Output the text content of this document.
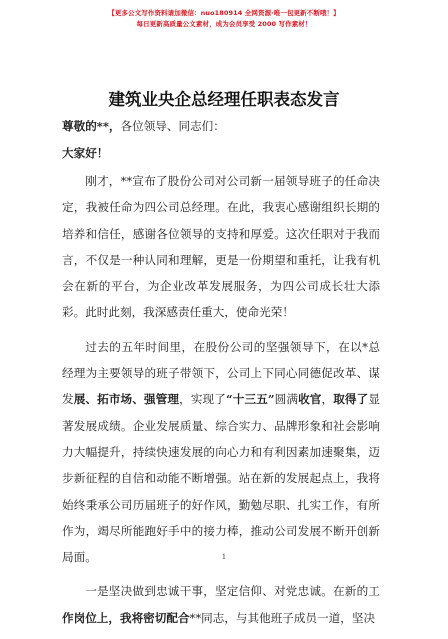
【更多公文写作资料请加微信：nuo180914 全网资源·唯一包更新不断哦！】
每日更新高质量公文素材，成为会员享受 2000 写作素材！
建筑业央企总经理任职表态发言
尊敬的**，各位领导、同志们：
大家好！

刚才，**宣布了股份公司对公司新一届领导班子的任命决定，我被任命为四公司总经理。在此，我衷心感谢组织长期的培养和信任，感谢各位领导的支持和厚爱。这次任职对于我而言，不仅是一种认同和理解，更是一份期望和重托，让我有机会在新的平台，为企业改革发展服务，为四公司成长壮大添彩。此时此刻，我深感责任重大，使命光荣！

过去的五年时间里，在股份公司的坚强领导下，在以*总经理为主要领导的班子带领下，公司上下同心同德促改革、谋发展、拓市场、强管理，实现了“十三五”圆满收官，取得了显著发展成绩。企业发展质量、综合实力、品牌形象和社会影响力大幅提升，持续快速发展的向心力和有利因素加速聚集，迈步新征程的自信和动能不断增强。站在新的发展起点上，我将始终秉承公司历届班子的好作风，勤勉尽职、扎实工作，有所作为，竭尽所能跑好手中的接力棒，推动公司发展不断开创新局面。

一是坚决做到忠诚干事，坚定信仰、对党忠诚。在新的工作岗位上，我将密切配合**同志，与其他班子成员一道，坚决

1
